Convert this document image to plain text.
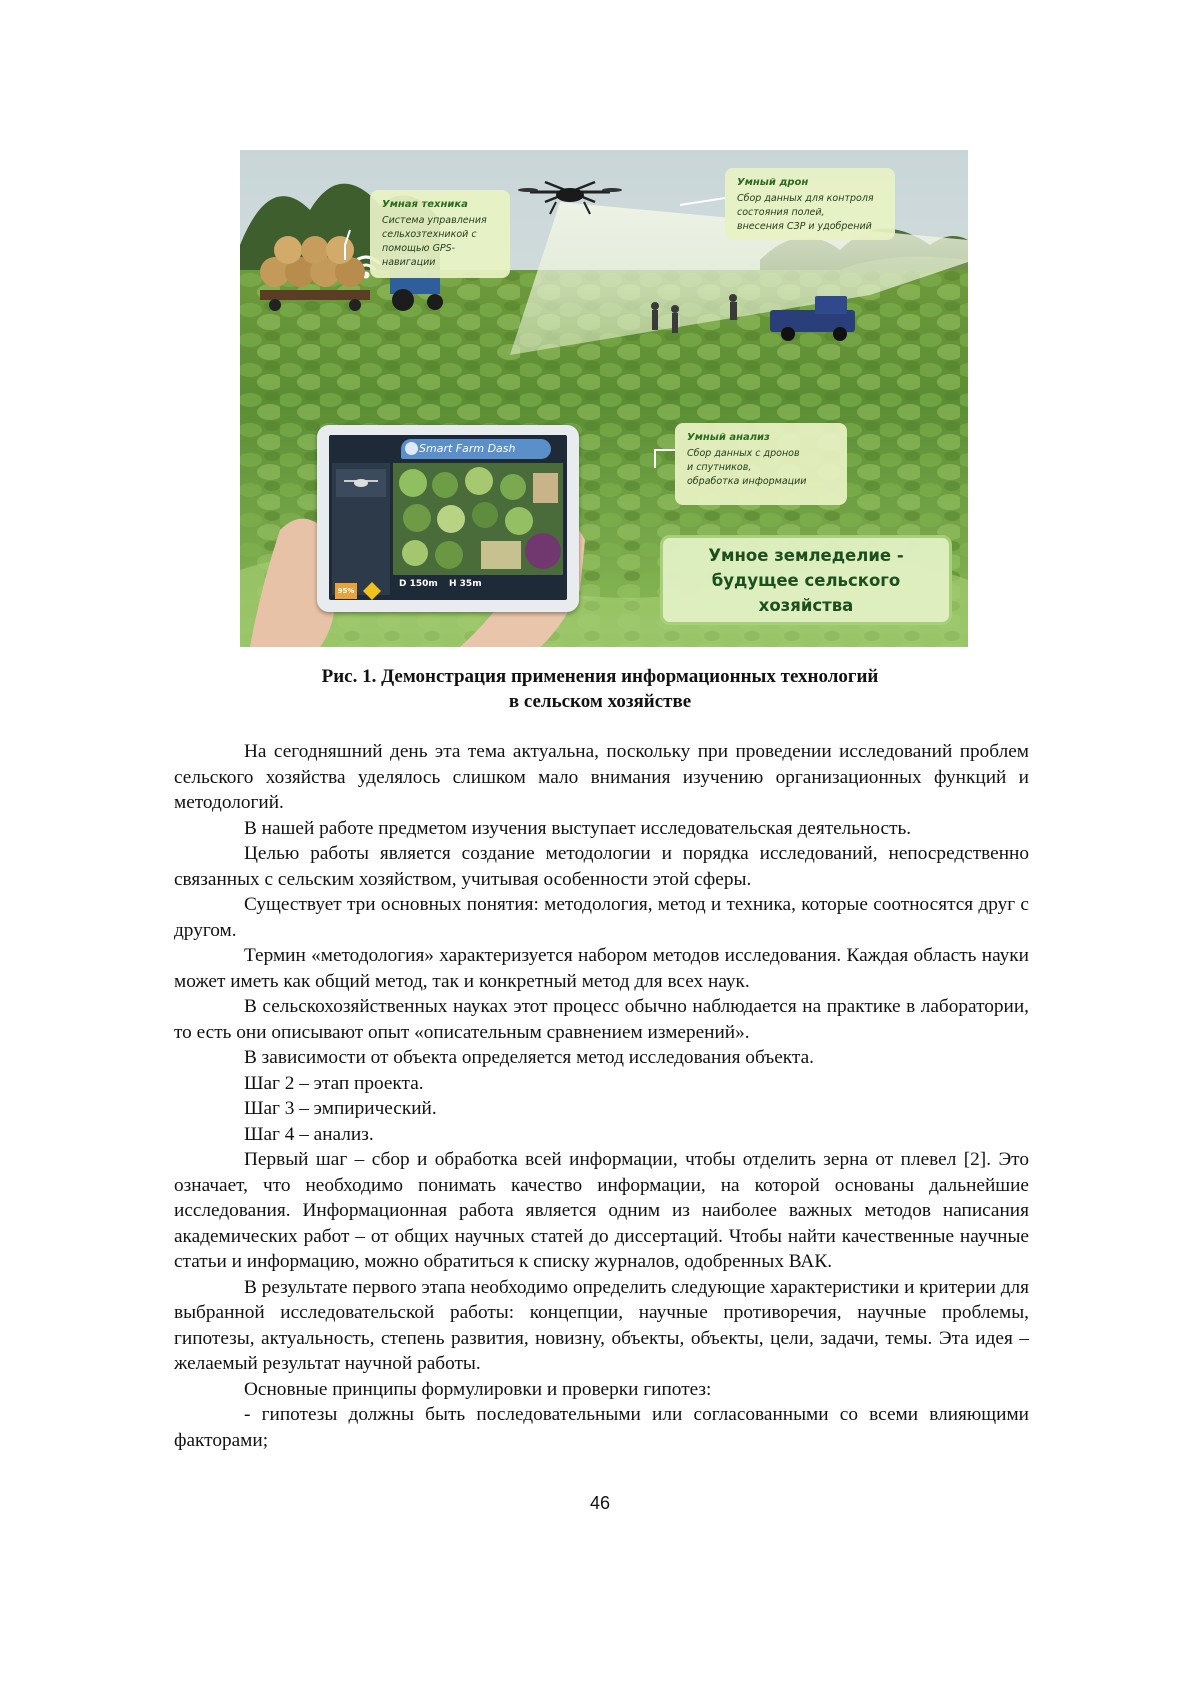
Умная техника
Система управления
сельхозтехникой с
помощью GPS-навигации
Умный дрон
Сбор данных для контроля
состояния полей,
внесения СЗР и удобрений
Умный анализ
Сбор данных с дронов
и спутников,
обработка информации
Умное земледелие -
будущее сельского хозяйства
95%
Smart Farm Dash
D 150m H 35m
Рис. 1. Демонстрация применения информационных технологий
в сельском хозяйстве

На сегодняшний день эта тема актуальна, поскольку при проведении исследований проблем сельского хозяйства уделялось слишком мало внимания изучению организационных функций и методологий.

В нашей работе предметом изучения выступает исследовательская деятельность.

Целью работы является создание методологии и порядка исследований, непосредственно связанных с сельским хозяйством, учитывая особенности этой сферы.

Существует три основных понятия: методология, метод и техника, которые соотносятся друг с другом.

Термин «методология» характеризуется набором методов исследования. Каждая область науки может иметь как общий метод, так и конкретный метод для всех наук.

В сельскохозяйственных науках этот процесс обычно наблюдается на практике в лаборатории, то есть они описывают опыт «описательным сравнением измерений».

В зависимости от объекта определяется метод исследования объекта.

Шаг 2 – этап проекта.

Шаг 3 – эмпирический.

Шаг 4 – анализ.

Первый шаг – сбор и обработка всей информации, чтобы отделить зерна от плевел [2]. Это означает, что необходимо понимать качество информации, на которой основаны дальнейшие исследования. Информационная работа является одним из наиболее важных методов написания академических работ – от общих научных статей до диссертаций. Чтобы найти качественные научные статьи и информацию, можно обратиться к списку журналов, одобренных ВАК.

В результате первого этапа необходимо определить следующие характеристики и критерии для выбранной исследовательской работы: концепции, научные противоречия, научные проблемы, гипотезы, актуальность, степень развития, новизну, объекты, объекты, цели, задачи, темы. Эта идея – желаемый результат научной работы.

Основные принципы формулировки и проверки гипотез:

- гипотезы должны быть последовательными или согласованными со всеми влияющими факторами;

46
